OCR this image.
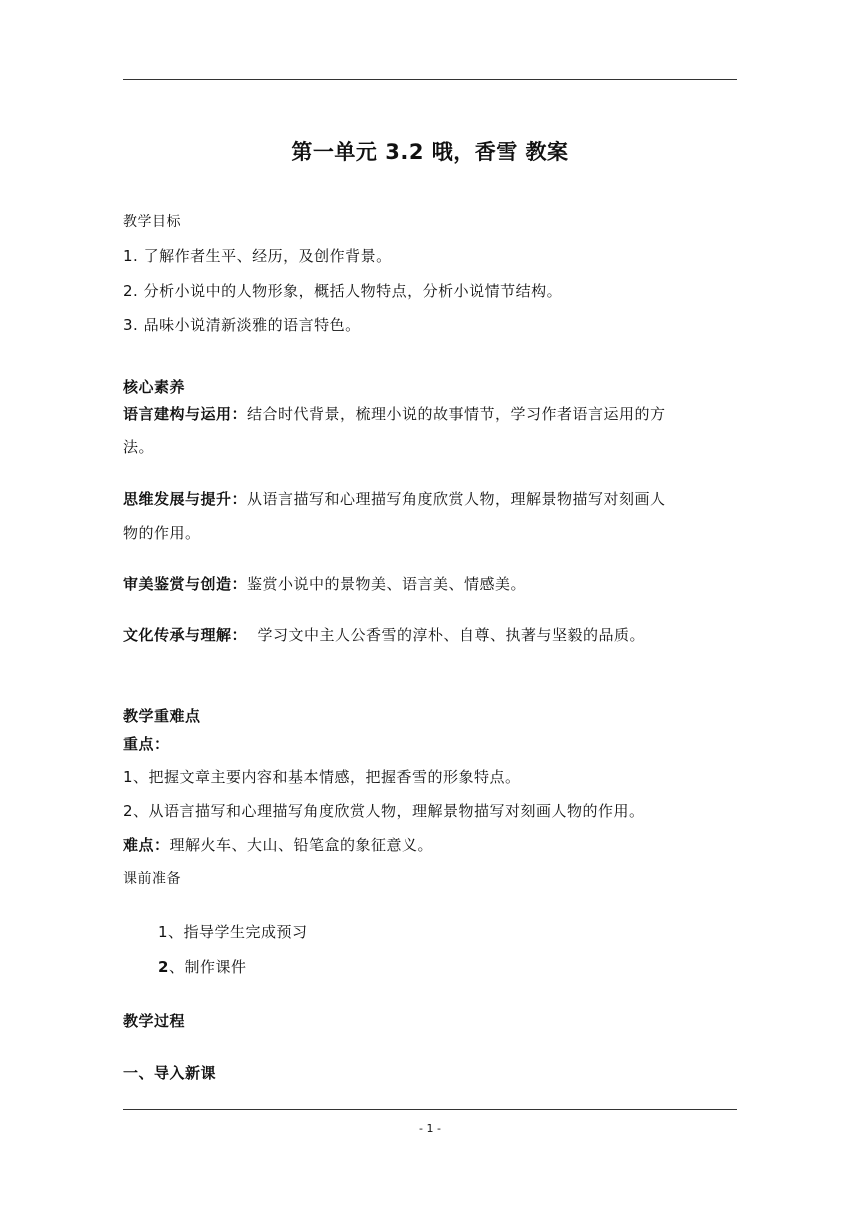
第一单元 3.2 哦，香雪 教案
教学目标
1. 了解作者生平、经历，及创作背景。
2. 分析小说中的人物形象，概括人物特点，分析小说情节结构。
3. 品味小说清新淡雅的语言特色。
核心素养
语言建构与运用：结合时代背景，梳理小说的故事情节，学习作者语言运用的方
法。
思维发展与提升：从语言描写和心理描写角度欣赏人物，理解景物描写对刻画人
物的作用。
审美鉴赏与创造：鉴赏小说中的景物美、语言美、情感美。
文化传承与理解：  学习文中主人公香雪的淳朴、自尊、执著与坚毅的品质。
教学重难点
重点：
1、把握文章主要内容和基本情感，把握香雪的形象特点。
2、从语言描写和心理描写角度欣赏人物，理解景物描写对刻画人物的作用。
难点：理解火车、大山、铅笔盒的象征意义。
课前准备
1、指导学生完成预习
2、制作课件
教学过程
一、导入新课
- 1 -
